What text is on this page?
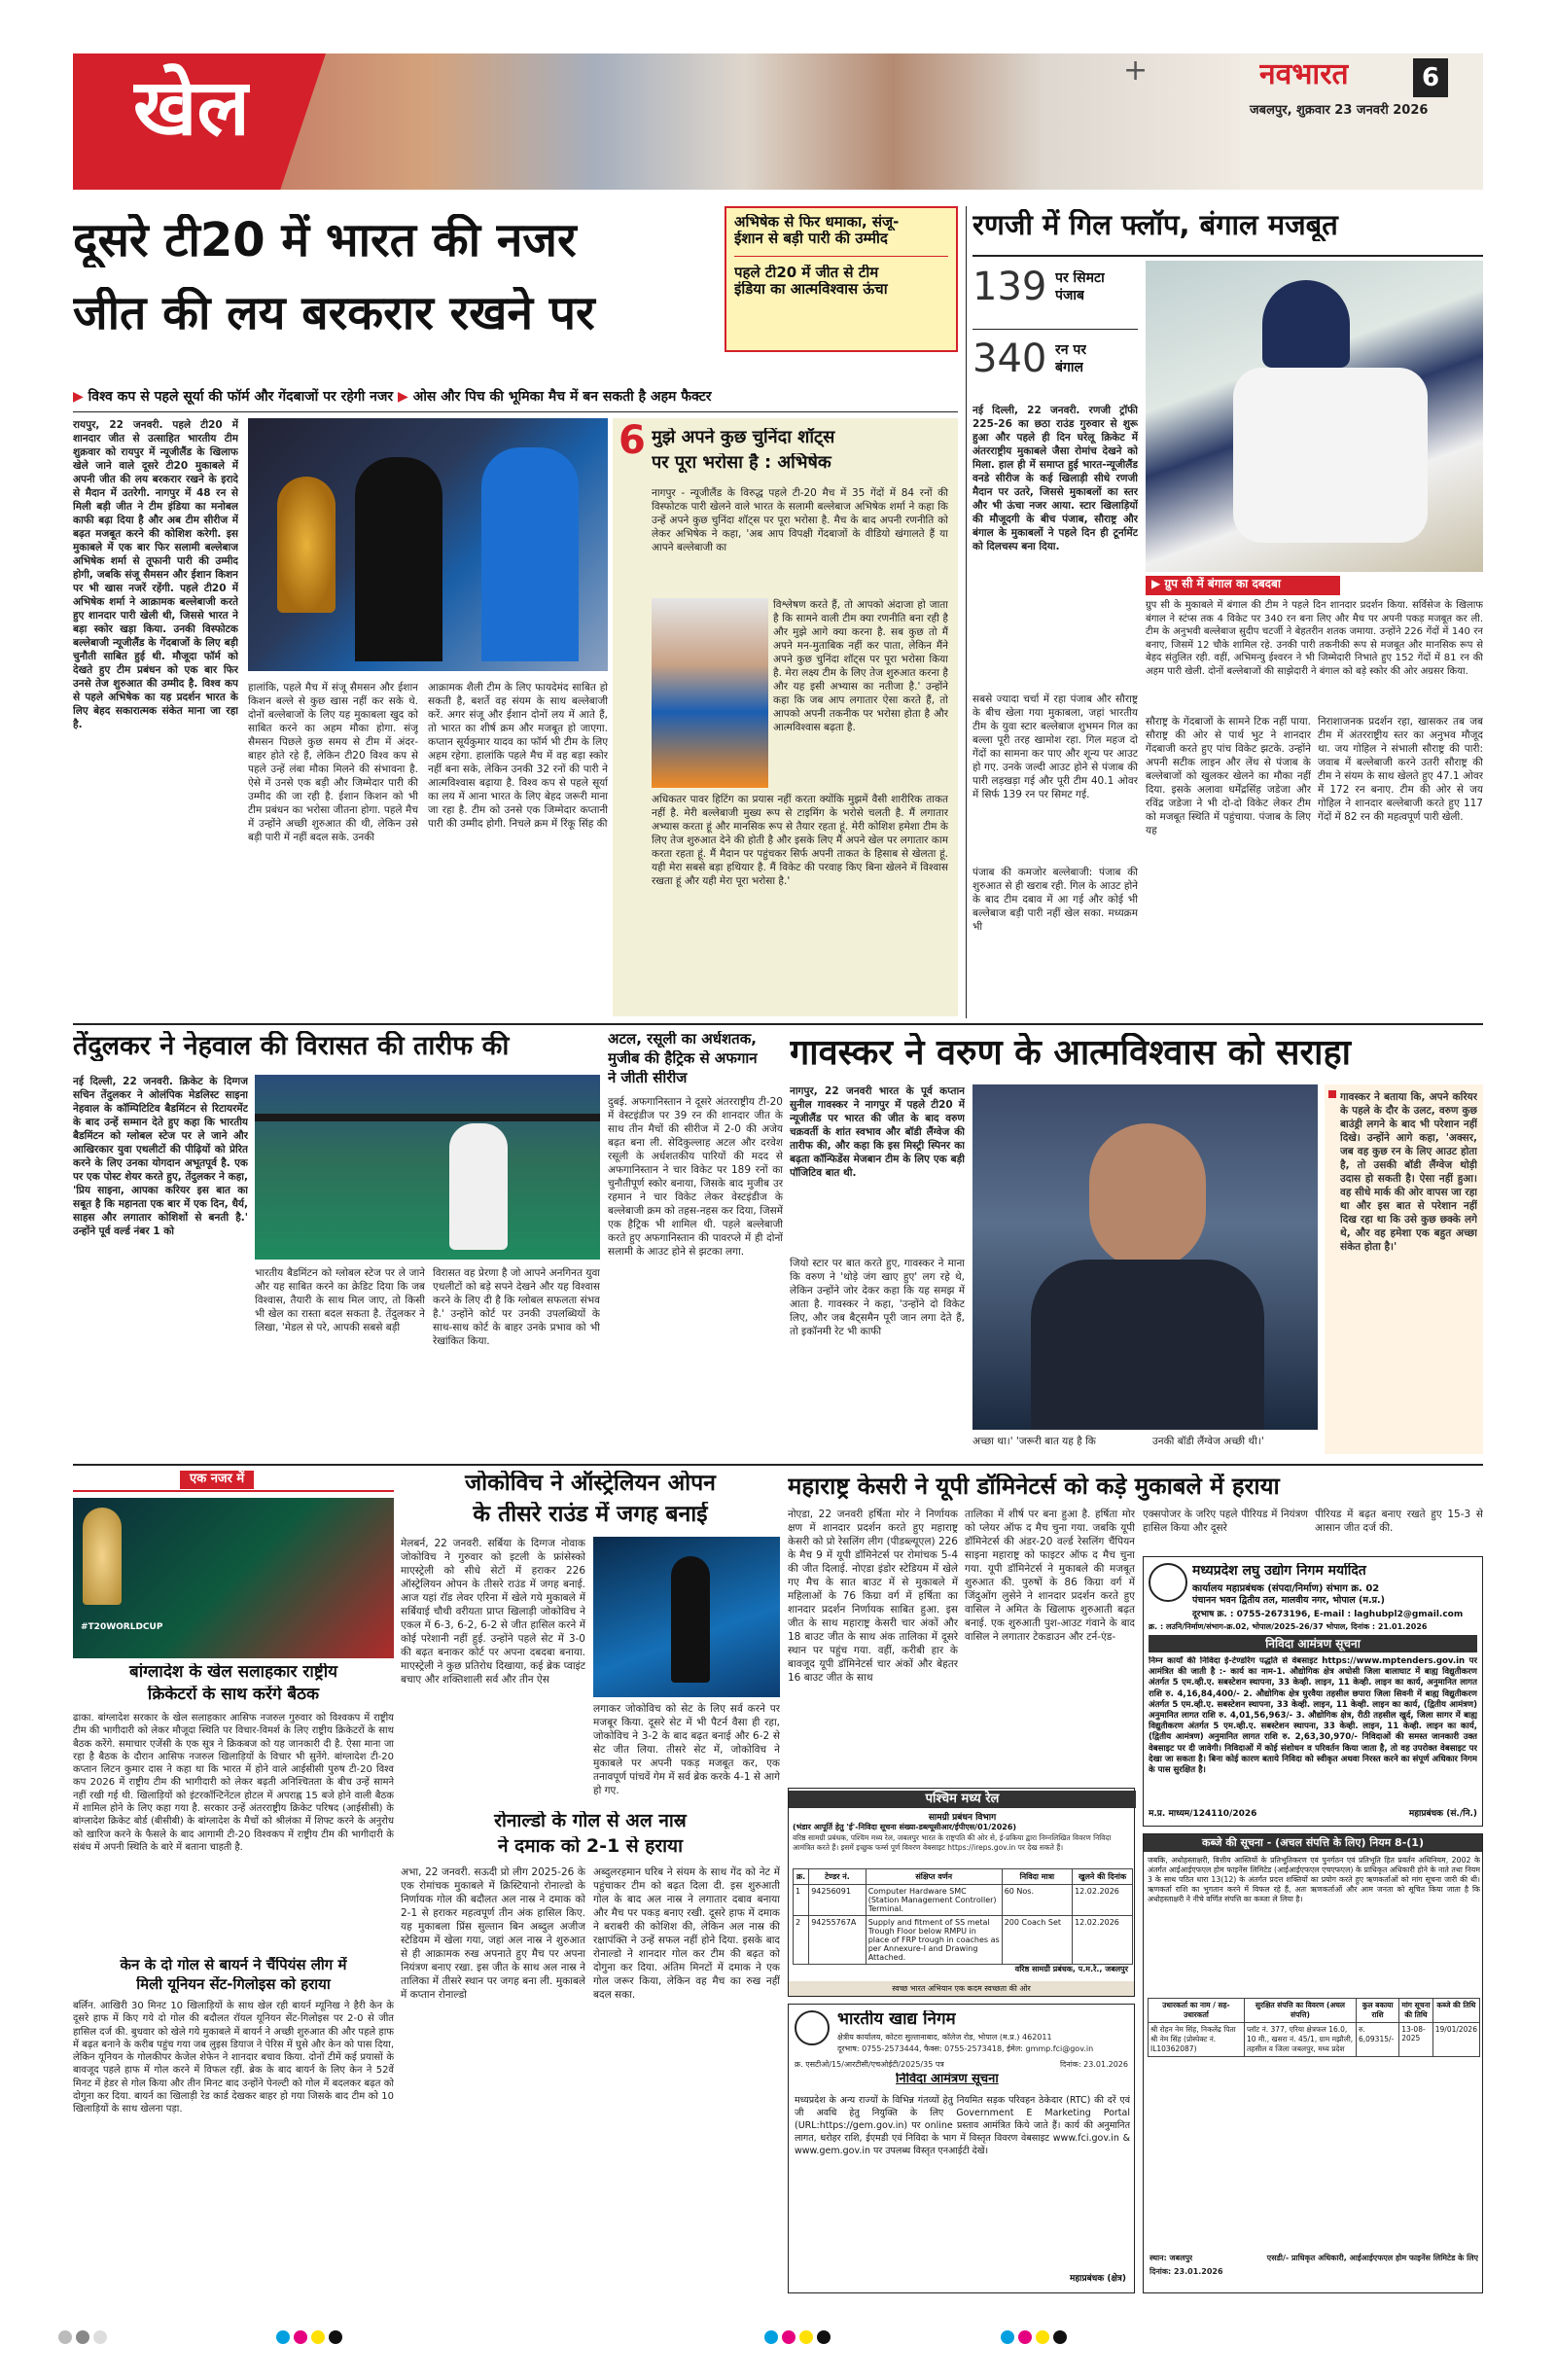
खेल	+	नवभारत
जबलपुर, शुक्रवार 23 जनवरी 2026
6
दूसरे टी20 में भारत की नजर
जीत की लय बरकरार रखने पर
अभिषेक से फिर धमाका, संजू-
ईशान से बड़ी पारी की उम्मीद
पहले टी20 में जीत से टीम
इंडिया का आत्मविश्वास ऊंचा
▶ विश्व कप से पहले सूर्या की फॉर्म और गेंदबाजों पर रहेगी नजर ▶ ओस और पिच की भूमिका मैच में बन सकती है अहम फैक्टर
रायपुर, 22 जनवरी. पहले टी20 में शानदार जीत से उत्साहित भारतीय टीम शुक्रवार को रायपुर में न्यूजीलैंड के खिलाफ खेले जाने वाले दूसरे टी20 मुकाबले में अपनी जीत की लय बरकरार रखने के इरादे से मैदान में उतरेगी. नागपुर में 48 रन से मिली बड़ी जीत ने टीम इंडिया का मनोबल काफी बढ़ा दिया है और अब टीम सीरीज में बढ़त मजबूत करने की कोशिश करेगी. इस मुकाबले में एक बार फिर सलामी बल्लेबाज अभिषेक शर्मा से तूफानी पारी की उम्मीद होगी, जबकि संजू सैमसन और ईशान किशन पर भी खास नजरें रहेंगी. पहले टी20 में अभिषेक शर्मा ने आक्रामक बल्लेबाजी करते हुए शानदार पारी खेली थी, जिससे भारत ने बड़ा स्कोर खड़ा किया. उनकी विस्फोटक बल्लेबाजी न्यूजीलैंड के गेंदबाजों के लिए बड़ी चुनौती साबित हुई थी. मौजूदा फॉर्म को देखते हुए टीम प्रबंधन को एक बार फिर उनसे तेज शुरुआत की उम्मीद है. विश्व कप से पहले अभिषेक का यह प्रदर्शन भारत के लिए बेहद सकारात्मक संकेत माना जा रहा है.
हालांकि, पहले मैच में संजू सैमसन और ईशान किशन बल्ले से कुछ खास नहीं कर सके थे. दोनों बल्लेबाजों के लिए यह मुकाबला खुद को साबित करने का अहम मौका होगा. संजू सैमसन पिछले कुछ समय से टीम में अंदर-बाहर होते रहे हैं, लेकिन टी20 विश्व कप से पहले उन्हें लंबा मौका मिलने की संभावना है. ऐसे में उनसे एक बड़ी और जिम्मेदार पारी की उम्मीद की जा रही है. ईशान किशन को भी टीम प्रबंधन का भरोसा जीतना होगा. पहले मैच में उन्होंने अच्छी शुरुआत की थी, लेकिन उसे बड़ी पारी में नहीं बदल सके. उनकी
आक्रामक शैली टीम के लिए फायदेमंद साबित हो सकती है, बशर्ते वह संयम के साथ बल्लेबाजी करें. अगर संजू और ईशान दोनों लय में आते हैं, तो भारत का शीर्ष क्रम और मजबूत हो जाएगा. कप्तान सूर्यकुमार यादव का फॉर्म भी टीम के लिए अहम रहेगा. हालांकि पहले मैच में वह बड़ा स्कोर नहीं बना सके, लेकिन उनकी 32 रनों की पारी ने आत्मविश्वास बढ़ाया है. विश्व कप से पहले सूर्या का लय में आना भारत के लिए बेहद जरूरी माना जा रहा है. टीम को उनसे एक जिम्मेदार कप्तानी पारी की उम्मीद होगी. निचले क्रम में रिंकू सिंह की
6 मुझे अपने कुछ चुनिंदा शॉट्स
पर पूरा भरोसा है : अभिषेक
नागपुर - न्यूजीलैंड के विरुद्ध पहले टी-20 मैच में 35 गेंदों में 84 रनों की विस्फोटक पारी खेलने वाले भारत के सलामी बल्लेबाज अभिषेक शर्मा ने कहा कि उन्हें अपने कुछ चुनिंदा शॉट्स पर पूरा भरोसा है. मैच के बाद अपनी रणनीति को लेकर अभिषेक ने कहा, 'अब आप विपक्षी गेंदबाजों के वीडियो खंगालते हैं या आपने बल्लेबाजी का
विश्लेषण करते हैं, तो आपको अंदाजा हो जाता है कि सामने वाली टीम क्या रणनीति बना रही है और मुझे आगे क्या करना है. सब कुछ तो मैं अपने मन-मुताबिक नहीं कर पाता, लेकिन मैंने अपने कुछ चुनिंदा शॉट्स पर पूरा भरोसा किया है. मेरा लक्ष्य टीम के लिए तेज शुरुआत करना है और यह इसी अभ्यास का नतीजा है.' उन्होंने कहा कि जब आप लगातार ऐसा करते हैं, तो आपको अपनी तकनीक पर भरोसा होता है और आत्मविश्वास बढ़ता है.
अधिकतर पावर हिटिंग का प्रयास नहीं करता क्योंकि मुझमें वैसी शारीरिक ताकत नहीं है. मेरी बल्लेबाजी मुख्य रूप से टाइमिंग के भरोसे चलती है. मैं लगातार अभ्यास करता हूं और मानसिक रूप से तैयार रहता हूं. मेरी कोशिश हमेशा टीम के लिए तेज शुरुआत देने की होती है और इसके लिए मैं अपने खेल पर लगातार काम करता रहता हूं. मैं मैदान पर पहुंचकर सिर्फ अपनी ताकत के हिसाब से खेलता हूं. यही मेरा सबसे बड़ा हथियार है. मैं विकेट की परवाह किए बिना खेलने में विश्वास रखता हूं और यही मेरा पूरा भरोसा है.'
रणजी में गिल फ्लॉप, बंगाल मजबूत
139 पर सिमटा
पंजाब
340 रन पर
बंगाल
नई दिल्ली, 22 जनवरी. रणजी ट्रॉफी 225-26 का छठा राउंड गुरुवार से शुरू हुआ और पहले ही दिन घरेलू क्रिकेट में अंतरराष्ट्रीय मुकाबले जैसा रोमांच देखने को मिला. हाल ही में समाप्त हुई भारत-न्यूजीलैंड वनडे सीरीज के कई खिलाड़ी सीधे रणजी मैदान पर उतरे, जिससे मुकाबलों का स्तर और भी ऊंचा नजर आया. स्टार खिलाड़ियों की मौजूदगी के बीच पंजाब, सौराष्ट्र और बंगाल के मुकाबलों ने पहले दिन ही टूर्नामेंट को दिलचस्प बना दिया.
▶ ग्रुप सी में बंगाल का दबदबा
ग्रुप सी के मुकाबले में बंगाल की टीम ने पहले दिन शानदार प्रदर्शन किया. सर्विसेज के खिलाफ बंगाल ने स्टंप्स तक 4 विकेट पर 340 रन बना लिए और मैच पर अपनी पकड़ मजबूत कर ली. टीम के अनुभवी बल्लेबाज सुदीप चटर्जी ने बेहतरीन शतक जमाया. उन्होंने 226 गेंदों में 140 रन बनाए, जिसमें 12 चौके शामिल रहे. उनकी पारी तकनीकी रूप से मजबूत और मानसिक रूप से बेहद संतुलित रही. वहीं, अभिमन्यु ईश्वरन ने भी जिम्मेदारी निभाते हुए 152 गेंदों में 81 रन की अहम पारी खेली. दोनों बल्लेबाजों की साझेदारी ने बंगाल को बड़े स्कोर की ओर अग्रसर किया.
सबसे ज्यादा चर्चा में रहा पंजाब और सौराष्ट्र के बीच खेला गया मुकाबला, जहां भारतीय टीम के युवा स्टार बल्लेबाज शुभमन गिल का बल्ला पूरी तरह खामोश रहा. गिल महज दो गेंदों का सामना कर पाए और शून्य पर आउट हो गए. उनके जल्दी आउट होने से पंजाब की पारी लड़खड़ा गई और पूरी टीम 40.1 ओवर में सिर्फ 139 रन पर सिमट गई.
पंजाब की कमजोर बल्लेबाजी: पंजाब की शुरुआत से ही खराब रही. गिल के आउट होने के बाद टीम दबाव में आ गई और कोई भी बल्लेबाज बड़ी पारी नहीं खेल सका. मध्यक्रम भी
सौराष्ट्र के गेंदबाजों के सामने टिक नहीं पाया. सौराष्ट्र की ओर से पार्थ भुट ने शानदार गेंदबाजी करते हुए पांच विकेट झटके. उन्होंने अपनी सटीक लाइन और लेंथ से पंजाब के बल्लेबाजों को खुलकर खेलने का मौका नहीं दिया. इसके अलावा धर्मेंद्रसिंह जडेजा और रविंद्र जडेजा ने भी दो-दो विकेट लेकर टीम को मजबूत स्थिति में पहुंचाया. पंजाब के लिए यह
निराशाजनक प्रदर्शन रहा, खासकर तब जब टीम में अंतरराष्ट्रीय स्तर का अनुभव मौजूद था. जय गोहिल ने संभाली सौराष्ट्र की पारी: जवाब में बल्लेबाजी करने उतरी सौराष्ट्र की टीम ने संयम के साथ खेलते हुए 47.1 ओवर में 172 रन बनाए. टीम की ओर से जय गोहिल ने शानदार बल्लेबाजी करते हुए 117 गेंदों में 82 रन की महत्वपूर्ण पारी खेली.
तेंदुलकर ने नेहवाल की विरासत की तारीफ की
नई दिल्ली, 22 जनवरी. क्रिकेट के दिग्गज सचिन तेंदुलकर ने ओलंपिक मेडलिस्ट साइना नेहवाल के कॉम्पिटिटिव बैडमिंटन से रिटायरमेंट के बाद उन्हें सम्मान देते हुए कहा कि भारतीय बैडमिंटन को ग्लोबल स्टेज पर ले जाने और आखिरकार युवा एथलीटों की पीढ़ियों को प्रेरित करने के लिए उनका योगदान अभूतपूर्व है. एक पर एक पोस्ट शेयर करते हुए, तेंदुलकर ने कहा, 'प्रिय साइना, आपका करियर इस बात का सबूत है कि महानता एक बार में एक दिन, धैर्य, साहस और लगातार कोशिशों से बनती है.' उन्होंने पूर्व वर्ल्ड नंबर 1 को
भारतीय बैडमिंटन को ग्लोबल स्टेज पर ले जाने और यह साबित करने का क्रेडिट दिया कि जब विश्वास, तैयारी के साथ मिल जाए, तो किसी भी खेल का रास्ता बदल सकता है. तेंदुलकर ने लिखा, 'मेडल से परे, आपकी सबसे बड़ी
विरासत वह प्रेरणा है जो आपने अनगिनत युवा एथलीटों को बड़े सपने देखने और यह विश्वास करने के लिए दी है कि ग्लोबल सफलता संभव है.' उन्होंने कोर्ट पर उनकी उपलब्धियों के साथ-साथ कोर्ट के बाहर उनके प्रभाव को भी रेखांकित किया.
अटल, रसूली का अर्धशतक,
मुजीब की हैट्रिक से अफगान
ने जीती सीरीज
दुबई. अफगानिस्तान ने दूसरे अंतरराष्ट्रीय टी-20 में वेस्टइंडीज पर 39 रन की शानदार जीत के साथ तीन मैचों की सीरीज में 2-0 की अजेय बढ़त बना ली. सेदिकुल्लाह अटल और दरवेश रसूली के अर्धशतकीय पारियों की मदद से अफगानिस्तान ने चार विकेट पर 189 रनों का चुनौतीपूर्ण स्कोर बनाया, जिसके बाद मुजीब उर रहमान ने चार विकेट लेकर वेस्टइंडीज के बल्लेबाजी क्रम को तहस-नहस कर दिया, जिसमें एक हैट्रिक भी शामिल थी. पहले बल्लेबाजी करते हुए अफगानिस्तान की पावरप्ले में ही दोनों सलामी के आउट होने से झटका लगा.
गावस्कर ने वरुण के आत्मविश्वास को सराहा
नागपुर, 22 जनवरी भारत के पूर्व कप्तान सुनील गावस्कर ने नागपुर में पहले टी20 में न्यूजीलैंड पर भारत की जीत के बाद वरुण चक्रवर्ती के शांत स्वभाव और बॉडी लैंग्वेज की तारीफ की, और कहा कि इस मिस्ट्री स्पिनर का बढ़ता कॉन्फिडेंस मेजबान टीम के लिए एक बड़ी पॉजिटिव बात थी.
जियो स्टार पर बात करते हुए, गावस्कर ने माना कि वरुण ने 'थोड़े जंग खाए हुए' लग रहे थे, लेकिन उन्होंने जोर देकर कहा कि यह समझ में आता है. गावस्कर ने कहा, 'उन्होंने दो विकेट लिए, और जब बैट्समैन पूरी जान लगा देते हैं, तो इकॉनमी रेट भी काफी
अच्छा था।' 'जरूरी बात यह है कि	उनकी बॉडी लैंग्वेज अच्छी थी।'
गावस्कर ने बताया कि, अपने करियर के पहले के दौर के उलट, वरुण कुछ बाउंड्री लगने के बाद भी परेशान नहीं दिखे। उन्होंने आगे कहा, 'अक्सर, जब वह कुछ रन के लिए आउट होता है, तो उसकी बॉडी लैंग्वेज थोड़ी उदास हो सकती है। ऐसा नहीं हुआ। वह सीधे मार्क की ओर वापस जा रहा था और इस बात से परेशान नहीं दिख रहा था कि उसे कुछ छक्के लगे थे, और वह हमेशा एक बहुत अच्छा संकेत होता है।'
एक नजर में
#T20WORLDCUP
बांग्लादेश के खेल सलाहकार राष्ट्रीय
क्रिकेटरों के साथ करेंगे बैठक
ढाका. बांग्लादेश सरकार के खेल सलाहकार आसिफ नजरुल गुरुवार को विश्वकप में राष्ट्रीय टीम की भागीदारी को लेकर मौजूदा स्थिति पर विचार-विमर्श के लिए राष्ट्रीय क्रिकेटरों के साथ बैठक करेंगे. समाचार एजेंसी के एक सूत्र ने क्रिकबज को यह जानकारी दी है. ऐसा माना जा रहा है बैठक के दौरान आसिफ नजरुल खिलाड़ियों के विचार भी सुनेंगे. बांग्लादेश टी-20 कप्तान लिटन कुमार दास ने कहा था कि भारत में होने वाले आईसीसी पुरुष टी-20 विश्व कप 2026 में राष्ट्रीय टीम की भागीदारी को लेकर बढ़ती अनिश्चितता के बीच उन्हें सामने नहीं रखी गई थी. खिलाड़ियों को इंटरकॉन्टिनेंटल होटल में अपराह्न 15 बजे होने वाली बैठक में शामिल होने के लिए कहा गया है. सरकार उन्हें अंतरराष्ट्रीय क्रिकेट परिषद (आईसीसी) के बांग्लादेश क्रिकेट बोर्ड (बीसीबी) के बांग्लादेश के मैचों को श्रीलंका में शिफ्ट करने के अनुरोध को खारिज करने के फैसले के बाद आगामी टी-20 विश्वकप में राष्ट्रीय टीम की भागीदारी के संबंध में अपनी स्थिति के बारे में बताना चाहती है.
केन के दो गोल से बायर्न ने चैंपियंस लीग में
मिली यूनियन सेंट-गिलोइस को हराया
बर्लिन. आखिरी 30 मिनट 10 खिलाड़ियों के साथ खेल रही बायर्न म्यूनिख ने हैरी केन के दूसरे हाफ में किए गये दो गोल की बदौलत रॉयल यूनियन सेंट-गिलोइस पर 2-0 से जीत हासिल दर्ज की. बुधवार को खेले गये मुकाबले में बायर्न ने अच्छी शुरुआत की और पहले हाफ में बढ़त बनाने के करीब पहुंच गया जब लुइस डियाज ने पेरिस में घुसे और केन को पास दिया, लेकिन यूनियन के गोलकीपर केजेल शेफेन ने शानदार बचाव किया. दोनों टीमें कई प्रयासों के बावजूद पहले हाफ में गोल करने में विफल रहीं. ब्रेक के बाद बायर्न के लिए केन ने 52वें मिनट में हेडर से गोल किया और तीन मिनट बाद उन्होंने पेनल्टी को गोल में बदलकर बढ़त को दोगुना कर दिया. बायर्न का खिलाड़ी रेड कार्ड देखकर बाहर हो गया जिसके बाद टीम को 10 खिलाड़ियों के साथ खेलना पड़ा.
जोकोविच ने ऑस्ट्रेलियन ओपन
के तीसरे राउंड में जगह बनाई
मेलबर्न, 22 जनवरी. सर्बिया के दिग्गज नोवाक जोकोविच ने गुरुवार को इटली के फ्रांसेस्को माएस्ट्रेली को सीधे सेटों में हराकर 226 ऑस्ट्रेलियन ओपन के तीसरे राउंड में जगह बनाई. आज यहां रॉड लेवर एरिना में खेले गये मुकाबले में सर्बियाई चौथी वरीयता प्राप्त खिलाड़ी जोकोविच ने एकल में 6-3, 6-2, 6-2 से जीत हासिल करने में कोई परेशानी नहीं हुई. उन्होंने पहले सेट में 3-0 की बढ़त बनाकर कोर्ट पर अपना दबदबा बनाया. माएस्ट्रेली ने कुछ प्रतिरोध दिखाया, कई ब्रेक प्वाइंट बचाए और शक्तिशाली सर्व और तीन ऐस
लगाकर जोकोविच को सेट के लिए सर्व करने पर मजबूर किया. दूसरे सेट में भी पैटर्न वैसा ही रहा, जोकोविच ने 3-2 के बाद बढ़त बनाई और 6-2 से सेट जीत लिया. तीसरे सेट में, जोकोविच ने मुकाबले पर अपनी पकड़ मजबूत कर, एक तनावपूर्ण पांचवें गेम में सर्व ब्रेक करके 4-1 से आगे हो गए.
रोनाल्डो के गोल से अल नास्र
ने दमाक को 2-1 से हराया
अभा, 22 जनवरी. सऊदी प्रो लीग 2025-26 के एक रोमांचक मुकाबले में क्रिस्टियानो रोनाल्डो के निर्णायक गोल की बदौलत अल नास्र ने दमाक को 2-1 से हराकर महत्वपूर्ण तीन अंक हासिल किए. यह मुकाबला प्रिंस सुल्तान बिन अब्दुल अजीज स्टेडियम में खेला गया, जहां अल नास्र ने शुरुआत से ही आक्रामक रुख अपनाते हुए मैच पर अपना नियंत्रण बनाए रखा. इस जीत के साथ अल नास्र ने तालिका में तीसरे स्थान पर जगह बना ली. मुकाबले में कप्तान रोनाल्डो
अब्दुलरहमान घरिब ने संयम के साथ गेंद को नेट में पहुंचाकर टीम को बढ़त दिला दी. इस शुरुआती गोल के बाद अल नास्र ने लगातार दबाव बनाया और मैच पर पकड़ बनाए रखी. दूसरे हाफ में दमाक ने बराबरी की कोशिश की, लेकिन अल नास्र की रक्षापंक्ति ने उन्हें सफल नहीं होने दिया. इसके बाद रोनाल्डो ने शानदार गोल कर टीम की बढ़त को दोगुना कर दिया. अंतिम मिनटों में दमाक ने एक गोल जरूर किया, लेकिन वह मैच का रुख नहीं बदल सका.
महाराष्ट्र केसरी ने यूपी डॉमिनेटर्स को कड़े मुकाबले में हराया
नोएडा, 22 जनवरी हर्षिता मोर ने निर्णायक क्षण में शानदार प्रदर्शन करते हुए महाराष्ट्र केसरी को प्रो रेसलिंग लीग (पीडब्ल्यूएल) 226 के मैच 9 में यूपी डॉमिनेटर्स पर रोमांचक 5-4 की जीत दिलाई. नोएडा इंडोर स्टेडियम में खेले गए मैच के सात बाउट में से मुकाबले में महिलाओं के 76 किग्रा वर्ग में हर्षिता का शानदार प्रदर्शन निर्णायक साबित हुआ. इस जीत के साथ महाराष्ट्र केसरी चार अंकों और 18 बाउट जीत के साथ अंक तालिका में दूसरे स्थान पर पहुंच गया. वहीं, करीबी हार के बावजूद यूपी डॉमिनेटर्स चार अंकों और बेहतर 16 बाउट जीत के साथ
तालिका में शीर्ष पर बना हुआ है. हर्षिता मोर को प्लेयर ऑफ द मैच चुना गया. जबकि यूपी डॉमिनेटर्स की अंडर-20 वर्ल्ड रेसलिंग चैंपियन साइना महाराष्ट्र को फाइटर ऑफ द मैच चुना गया. यूपी डॉमिनेटर्स ने मुकाबले की मजबूत शुरुआत की. पुरुषों के 86 किग्रा वर्ग में जिंदुओंग लुसेने ने शानदार प्रदर्शन करते हुए वासिल ने अमित के खिलाफ शुरुआती बढ़त बनाई. एक शुरुआती पुश-आउट गंवाने के बाद वासिल ने लगातार टेकडाउन और टर्न-एंड-
एक्सपोजर के जरिए पहले पीरियड में नियंत्रण हासिल किया और दूसरे
पीरियड में बढ़त बनाए रखते हुए 15-3 से आसान जीत दर्ज की.
मध्यप्रदेश लघु उद्योग निगम मर्यादित
कार्यालय महाप्रबंधक (संपदा/निर्माण) संभाग क्र. 02
पंचानन भवन द्वितीय तल, मालवीय नगर, भोपाल (म.प्र.)
दूरभाष क्र. : 0755-2673196, E-mail : laghubpl2@gmail.com
क्र. : लउनि/निर्माण/संभाग-क्र.02, भोपाल/2025-26/37 भोपाल, दिनांक : 21.01.2026
निविदा आमंत्रण सूचना
निम्न कार्यों की निविदा ई-टेण्डरिंग पद्धति से वेबसाइट https://www.mptenders.gov.in पर आमंत्रित की जाती है :- कार्य का नाम-1. औद्योगिक क्षेत्र अधोसी जिला बालाघाट में बाह्य विद्युतीकरण अंतर्गत 5 एम.व्ही.ए. सबस्टेशन स्थापना, 33 केव्ही. लाइन, 11 केव्ही. लाइन का कार्य, अनुमानित लागत राशि रु. 4,16,84,400/- 2. औद्योगिक क्षेत्र घुरवैया तहसील छपारा जिला सिवनी में बाह्य विद्युतीकरण अंतर्गत 5 एम.व्ही.ए. सबस्टेशन स्थापना, 33 केव्ही. लाइन, 11 केव्ही. लाइन का कार्य, (द्वितीय आमंत्रण) अनुमानित लागत राशि रु. 4,01,56,963/- 3. औद्योगिक क्षेत्र, रीठी तहसील खुर्द, जिला सागर में बाह्य विद्युतीकरण अंतर्गत 5 एम.व्ही.ए. सबस्टेशन स्थापना, 33 केव्ही. लाइन, 11 केव्ही. लाइन का कार्य, (द्वितीय आमंत्रण) अनुमानित लागत राशि रु. 2,63,30,970/- निविदाओं की समस्त जानकारी उक्त वेबसाइट पर दी जावेगी। निविदाओं में कोई संशोधन व परिवर्तन किया जाता है, तो वह उपरोक्त वेबसाइट पर देखा जा सकता है। बिना कोई कारण बताये निविदा को स्वीकृत अथवा निरस्त करने का संपूर्ण अधिकार निगम के पास सुरक्षित है।
म.प्र. माध्यम/124110/2026	महाप्रबंधक (सं./नि.)
पश्चिम मध्य रेल
सामग्री प्रबंधन विभाग
(भंडार आपूर्ति हेतु 'ई'-निविदा सूचना संख्या-डब्ल्यूसीआर/ईपीएस/01/2026)
वरिष्ठ सामग्री प्रबंधक, पश्चिम मध्य रेल, जबलपुर भारत के राष्ट्रपति की ओर से, ई-प्रकिया द्वारा निम्नलिखित विवरण निविदा आमंत्रित करते हैं। इसमें इच्छुक फर्म्स पूर्ण विवरण वेबसाइट https://ireps.gov.in पर देख सकते हैं।
क्र.	टेण्डर नं.	संक्षिप्त वर्णन	निविदा मात्रा	खुलने की दिनांक
1	94256091	Computer Hardware SMC (Station Management Controller) Terminal.	60 Nos.	12.02.2026
2	94255767A	Supply and fitment of SS metal Trough Floor below RMPU in place of FRP trough in coaches as per Annexure-I and Drawing Attached.	200 Coach Set	12.02.2026
वरिष्ठ सामग्री प्रबंधक, प.म.रे., जबलपुर
स्वच्छ भारत अभियान एक कदम स्वच्छता की ओर
भारतीय खाद्य निगम
क्षेत्रीय कार्यालय, कोटरा सुल्तानाबाद, कॉलेज रोड, भोपाल (म.प्र.) 462011
दूरभाष: 0755-2573444, फैक्स: 0755-2573418, ईमेल: gmmp.fci@gov.in
क्र. एसटीओ/15/आरटीसी/एचओईटी/2025/35 पत्र	दिनांक: 23.01.2026
निविदा आमंत्रण सूचना
मध्यप्रदेश के अन्य राज्यों के विभिन्न गंतव्यों हेतु नियमित सड़क परिवहन ठेकेदार (RTC) की दरें एवं जी अवधि हेतु नियुक्ति के लिए Government E Marketing Portal (URL:https://gem.gov.in) पर online प्रस्ताव आमंत्रित किये जाते हैं। कार्य की अनुमानित लागत, धरोहर राशि, ईएमडी एवं निविदा के भाग में विस्तृत विवरण वेबसाइट www.fci.gov.in & www.gem.gov.in पर उपलब्ध विस्तृत एनआईटी देखें।
महाप्रबंधक (क्षेत्र)
कब्जे की सूचना - (अचल संपत्ति के लिए) नियम 8-(1)
जबकि, अधोहस्ताक्षरी, वित्तीय आस्तियों के प्रतिभूतिकरण एवं पुनर्गठन एवं प्रतिभूति हित प्रवर्तन अधिनियम, 2002 के अंतर्गत आईआईएफएल होम फाइनेंस लिमिटेड (आईआईएफएल एचएफएल) के प्राधिकृत अधिकारी होने के नाते तथा नियम 3 के साथ पठित धारा 13(12) के अंतर्गत प्रदत्त शक्तियों का प्रयोग करते हुए ऋणकर्ताओं को मांग सूचना जारी की थी। ऋणकर्ता राशि का भुगतान करने में विफल रहे हैं, अतः ऋणकर्ताओं और आम जनता को सूचित किया जाता है कि अधोहस्ताक्षरी ने नीचे वर्णित संपत्ति का कब्जा ले लिया है।
उधारकर्ता का नाम / सह-उधारकर्ता	सुरक्षित संपत्ति का विवरण (अचल संपत्ति)	कुल बकाया राशि	मांग सूचना की तिथि	कब्जे की तिथि
श्री रोहन नेम सिंह, निकलेंद्र पिता श्री नेम सिंह (प्रोस्पेक्ट नं. IL10362087)	प्लॉट नं. 377, एरिया क्षेत्रफल 16.0, 10 मी., खसरा नं. 45/1, ग्राम मझौली, तहसील व जिला जबलपुर, मध्य प्रदेश	रु. 6,09315/-	13-08-2025	19/01/2026
स्थान: जबलपुर
दिनांक: 23.01.2026
एसडी/- प्राधिकृत अधिकारी, आईआईएफएल होम फाइनेंस लिमिटेड के लिए
